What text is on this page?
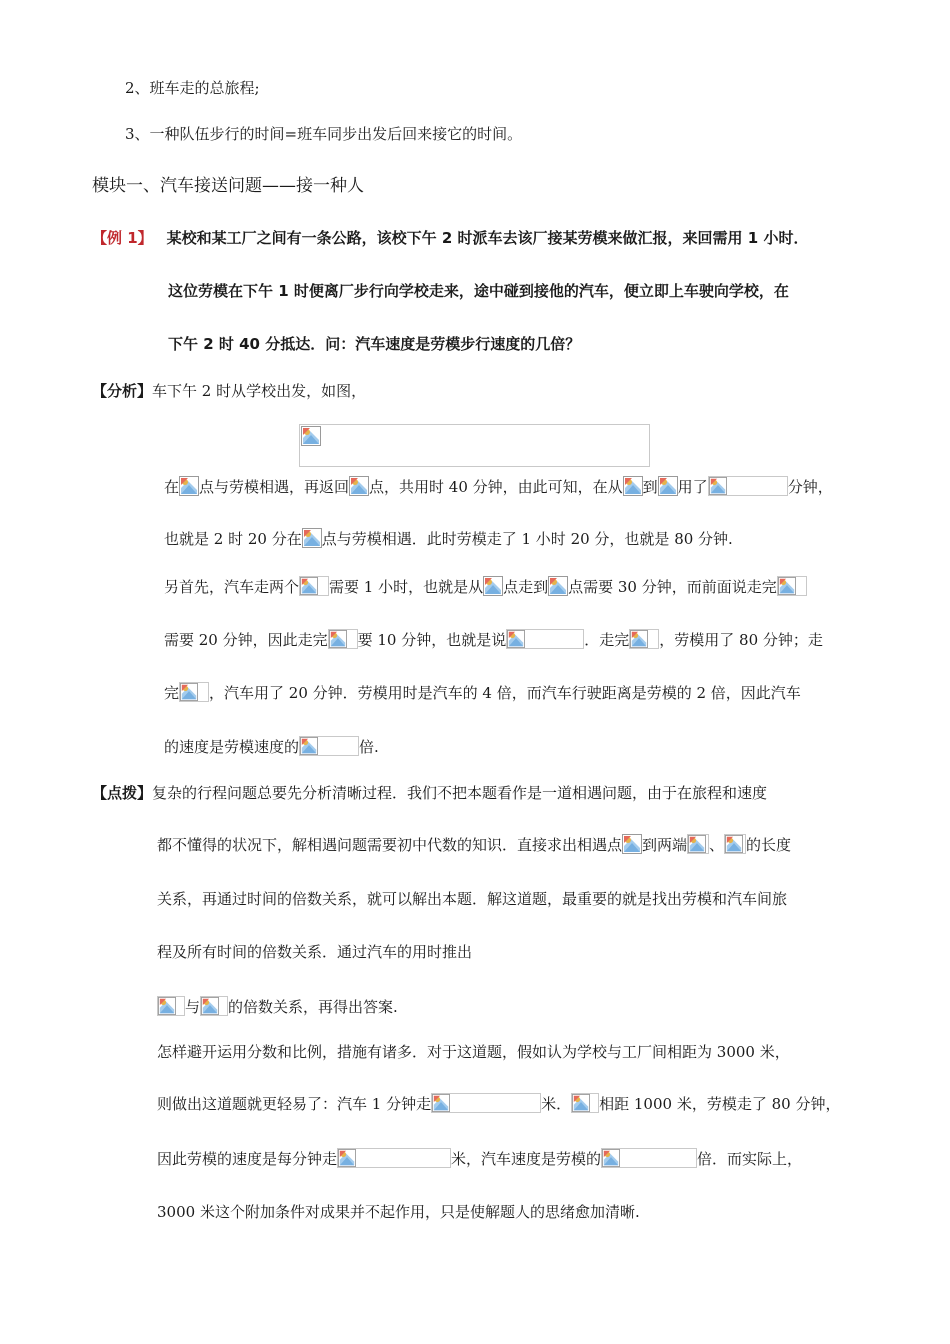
2、班车走的总旅程;
3、一种队伍步行的时间=班车同步出发后回来接它的时间。
模块一、汽车接送问题——接一种人
【例 1】 某校和某工厂之间有一条公路，该校下午 2 时派车去该厂接某劳模来做汇报，来回需用 1 小时．
这位劳模在下午 1 时便离厂步行向学校走来，途中碰到接他的汽车，便立即上车驶向学校，在
下午 2 时 40 分抵达．问：汽车速度是劳模步行速度的几倍？
【分析】车下午 2 时从学校出发，如图，
在 点与劳模相遇，再返回 点，共用时 40 分钟，由此可知，在从 到 用了	分钟，
也就是 2 时 20 分在 点与劳模相遇．此时劳模走了 1 小时 20 分，也就是 80 分钟.
另首先，汽车走两个 需要 1 小时，也就是从 点走到 点需要 30 分钟，而前面说走完
需要 20 分钟，因此走完 要 10 分钟，也就是说	．走完 ，劳模用了 80 分钟；走
完 ，汽车用了 20 分钟．劳模用时是汽车的 4 倍，而汽车行驶距离是劳模的 2 倍，因此汽车
的速度是劳模速度的	倍.
【点拨】复杂的行程问题总要先分析清晰过程．我们不把本题看作是一道相遇问题，由于在旅程和速度
都不懂得的状况下，解相遇问题需要初中代数的知识．直接求出相遇点 到两端 、 的长度
关系，再通过时间的倍数关系，就可以解出本题．解这道题，最重要的就是找出劳模和汽车间旅
程及所有时间的倍数关系．通过汽车的用时推出
与 的倍数关系，再得出答案.
怎样避开运用分数和比例，措施有诸多．对于这道题，假如认为学校与工厂间相距为 3000 米，
则做出这道题就更轻易了：汽车 1 分钟走	米． 相距 1000 米，劳模走了 80 分钟，
因此劳模的速度是每分钟走	米，汽车速度是劳模的	倍．而实际上，
3000 米这个附加条件对成果并不起作用，只是使解题人的思绪愈加清晰.
